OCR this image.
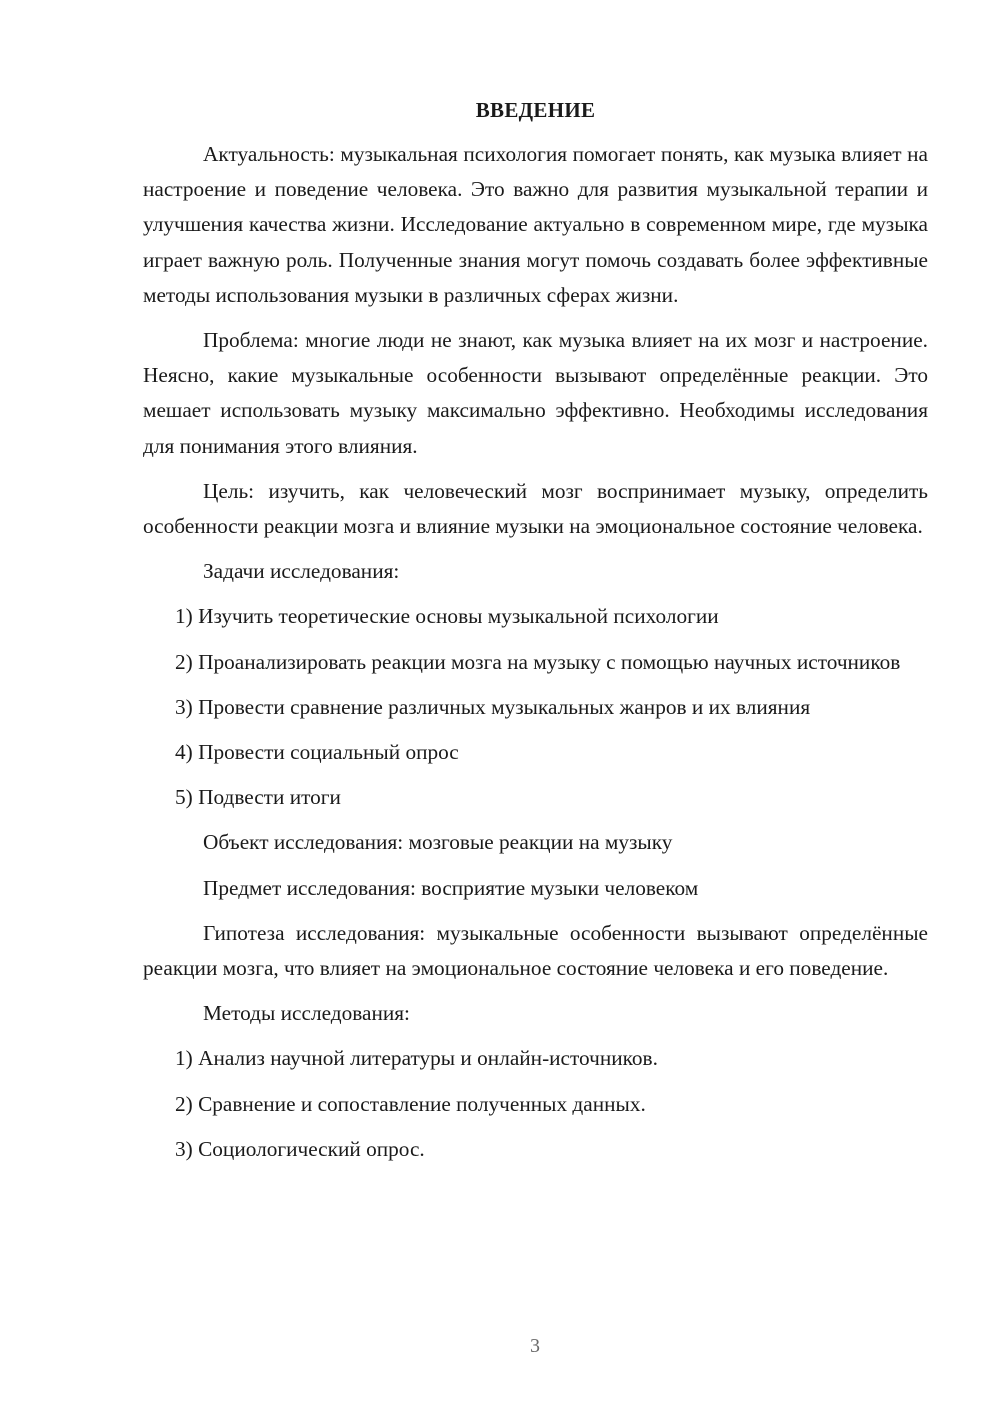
ВВЕДЕНИЕ

Актуальность: музыкальная психология помогает понять, как музыка влияет на настроение и поведение человека. Это важно для развития музыкальной терапии и улучшения качества жизни. Исследование актуально в современном мире, где музыка играет важную роль. Полученные знания могут помочь создавать более эффективные методы использования музыки в различных сферах жизни.

Проблема: многие люди не знают, как музыка влияет на их мозг и настроение. Неясно, какие музыкальные особенности вызывают определённые реакции. Это мешает использовать музыку максимально эффективно. Необходимы исследования для понимания этого влияния.

Цель: изучить, как человеческий мозг воспринимает музыку, определить особенности реакции мозга и влияние музыки на эмоциональное состояние человека.

Задачи исследования:

1) Изучить теоретические основы музыкальной психологии

2) Проанализировать реакции мозга на музыку с помощью научных источников

3) Провести сравнение различных музыкальных жанров и их влияния

4) Провести социальный опрос

5) Подвести итоги

Объект исследования: мозговые реакции на музыку

Предмет исследования: восприятие музыки человеком

Гипотеза исследования: музыкальные особенности вызывают определённые реакции мозга, что влияет на эмоциональное состояние человека и его поведение.

Методы исследования:

1) Анализ научной литературы и онлайн-источников.

2) Сравнение и сопоставление полученных данных.

3) Социологический опрос.

3
